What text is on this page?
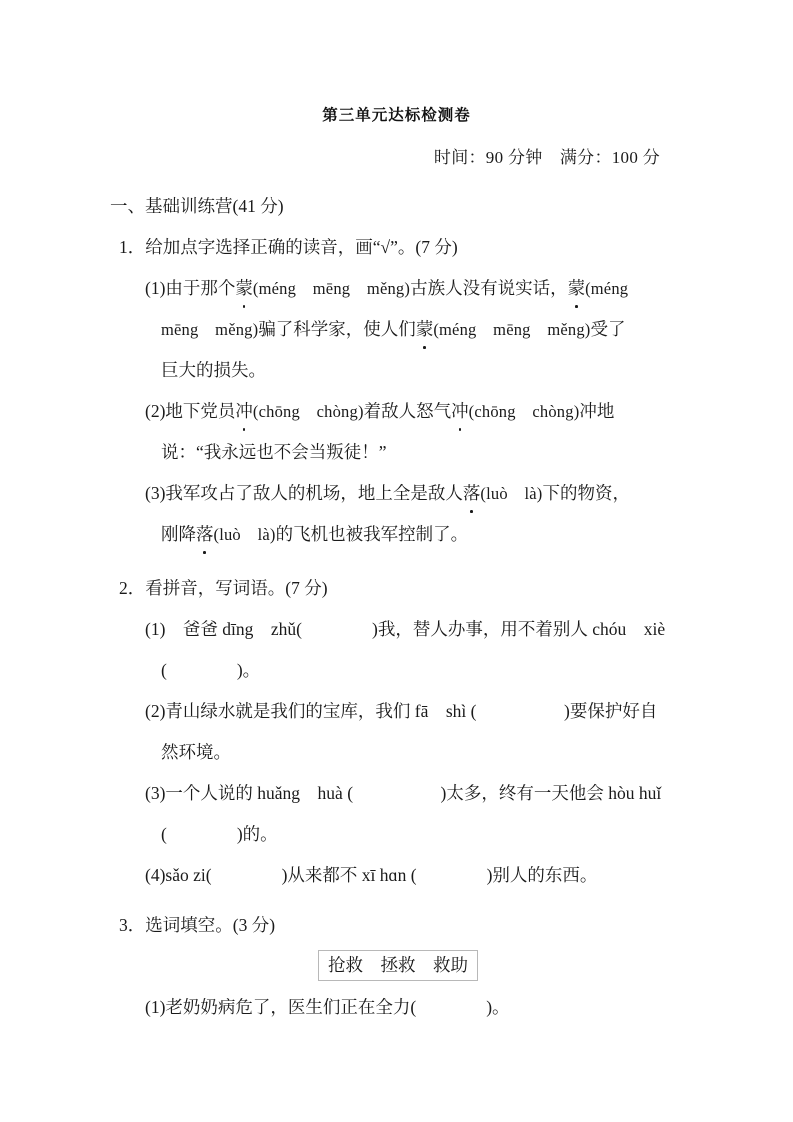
第三单元达标检测卷
时间：90 分钟　满分：100 分
一、基础训练营(41 分)
1．给加点字选择正确的读音，画“√”。(7 分)
(1)由于那个蒙(méng　mēng　měng)古族人没有说实话，蒙(méng
mēng　měng)骗了科学家，使人们蒙(méng　mēng　měng)受了
巨大的损失。
(2)地下党员冲(chōng　chòng)着敌人怒气冲(chōng　chòng)冲地
说：“我永远也不会当叛徒！”
(3)我军攻占了敌人的机场，地上全是敌人落(luò　là)下的物资，
刚降落(luò　là)的飞机也被我军控制了。
2．看拼音，写词语。(7 分)
(1)　爸爸 dīng　zhǔ(　　　　)我，替人办事，用不着别人 chóu　xiè
(　　　　)。
(2)青山绿水就是我们的宝库，我们 fā　shì (　　　　　)要保护好自
然环境。
(3)一个人说的 huǎng　huà (　　　　　)太多，终有一天他会 hòu huǐ
(　　　　)的。
(4)sǎo zi(　　　　)从来都不 xī hɑn (　　　　)别人的东西。
3．选词填空。(3 分)
抢救　拯救　救助
(1)老奶奶病危了，医生们正在全力(　　　　)。
